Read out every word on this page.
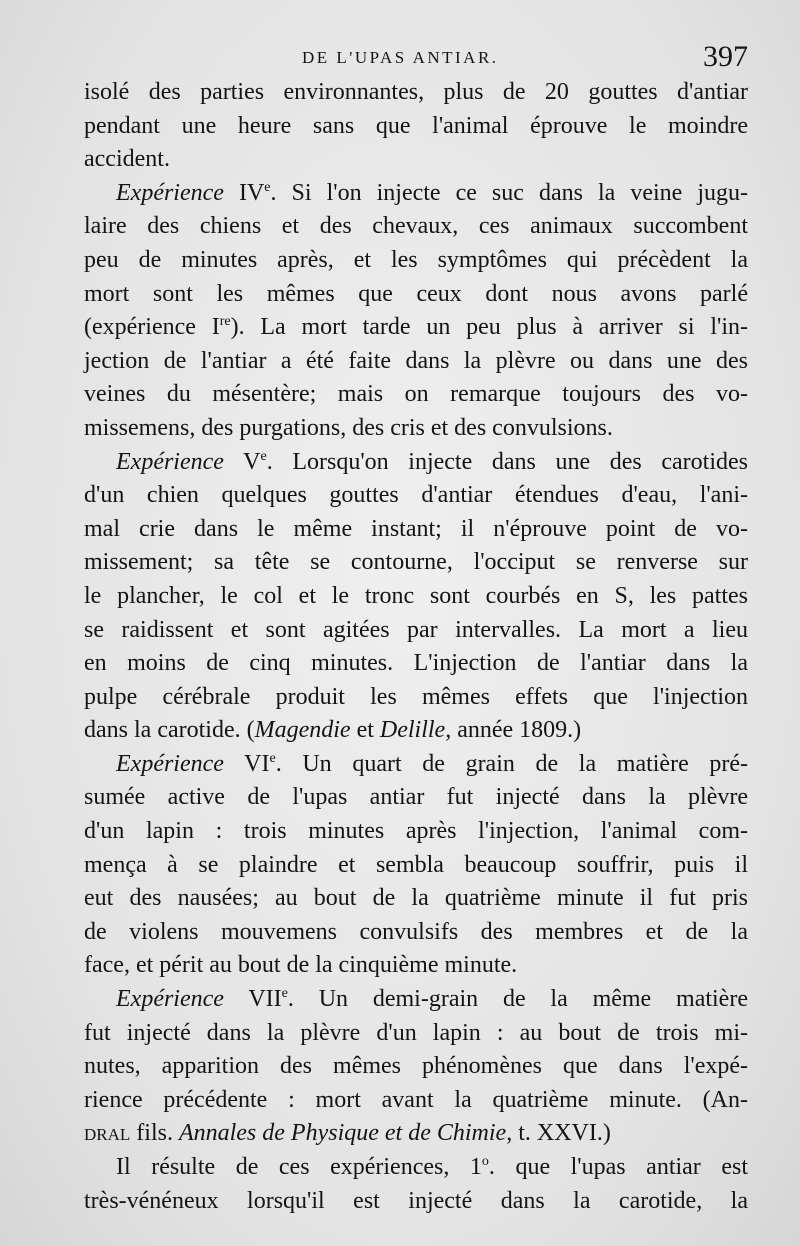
DE L'UPAS ANTIAR.	397
isolé des parties environnantes, plus de 20 gouttes d'antiar
pendant une heure sans que l'animal éprouve le moindre
accident.
Expérience IVe. Si l'on injecte ce suc dans la veine jugu-
laire des chiens et des chevaux, ces animaux succombent
peu de minutes après, et les symptômes qui précèdent la
mort sont les mêmes que ceux dont nous avons parlé
(expérience Ire). La mort tarde un peu plus à arriver si l'in-
jection de l'antiar a été faite dans la plèvre ou dans une des
veines du mésentère; mais on remarque toujours des vo-
missemens, des purgations, des cris et des convulsions.
Expérience Ve. Lorsqu'on injecte dans une des carotides
d'un chien quelques gouttes d'antiar étendues d'eau, l'ani-
mal crie dans le même instant; il n'éprouve point de vo-
missement; sa tête se contourne, l'occiput se renverse sur
le plancher, le col et le tronc sont courbés en S, les pattes
se raidissent et sont agitées par intervalles. La mort a lieu
en moins de cinq minutes. L'injection de l'antiar dans la
pulpe cérébrale produit les mêmes effets que l'injection
dans la carotide. (Magendie et Delille, année 1809.)
Expérience VIe. Un quart de grain de la matière pré-
sumée active de l'upas antiar fut injecté dans la plèvre
d'un lapin : trois minutes après l'injection, l'animal com-
mença à se plaindre et sembla beaucoup souffrir, puis il
eut des nausées; au bout de la quatrième minute il fut pris
de violens mouvemens convulsifs des membres et de la
face, et périt au bout de la cinquième minute.
Expérience VIIe. Un demi-grain de la même matière
fut injecté dans la plèvre d'un lapin : au bout de trois mi-
nutes, apparition des mêmes phénomènes que dans l'expé-
rience précédente : mort avant la quatrième minute. (An-
dral fils. Annales de Physique et de Chimie, t. XXVI.)
Il résulte de ces expériences, 1$^o$. que l'upas antiar est
très-vénéneux lorsqu'il est injecté dans la carotide, la
